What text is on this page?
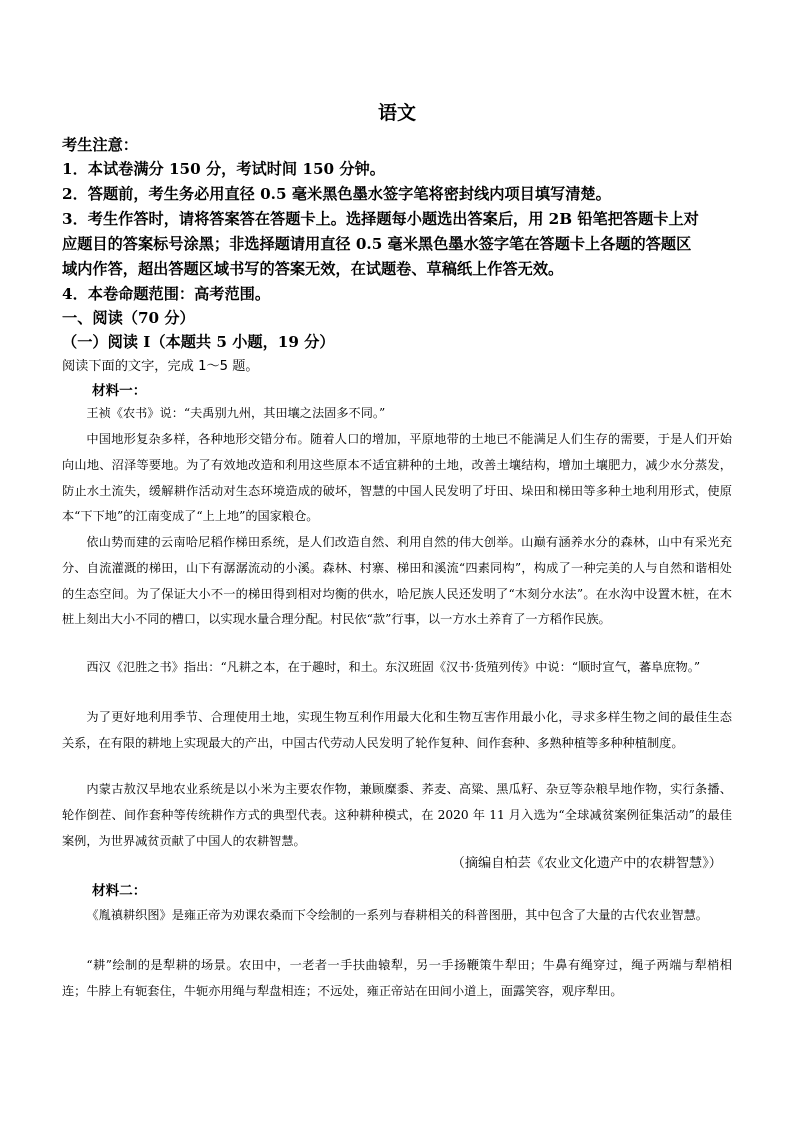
语文
考生注意：
1．本试卷满分 150 分，考试时间 150 分钟。
2．答题前，考生务必用直径 0.5 毫米黑色墨水签字笔将密封线内项目填写清楚。
3．考生作答时，请将答案答在答题卡上。选择题每小题选出答案后，用 2B 铅笔把答题卡上对
应题目的答案标号涂黑；非选择题请用直径 0.5 毫米黑色墨水签字笔在答题卡上各题的答题区
域内作答，超出答题区域书写的答案无效，在试题卷、草稿纸上作答无效。
4．本卷命题范围：高考范围。
一、阅读（70 分）
（一）阅读 I（本题共 5 小题，19 分）
阅读下面的文字，完成 1～5 题。
材料一：

王祯《农书》说：“夫禹别九州，其田壤之法固多不同。”

中国地形复杂多样，各种地形交错分布。随着人口的增加，平原地带的土地已不能满足人们生存的需要，于是人们开始向山地、沼泽等要地。为了有效地改造和利用这些原本不适宜耕种的土地，改善土壤结构，增加土壤肥力，减少水分蒸发，防止水土流失，缓解耕作活动对生态环境造成的破坏，智慧的中国人民发明了圩田、垛田和梯田等多种土地利用形式，使原本“下下地”的江南变成了“上上地”的国家粮仓。

依山势而建的云南哈尼稻作梯田系统，是人们改造自然、利用自然的伟大创举。山巅有涵养水分的森林，山中有采光充分、自流灌溉的梯田，山下有潺潺流动的小溪。森林、村寨、梯田和溪流“四素同构”，构成了一种完美的人与自然和谐相处的生态空间。为了保证大小不一的梯田得到相对均衡的供水，哈尼族人民还发明了“木刻分水法”。在水沟中设置木桩，在木桩上刻出大小不同的槽口，以实现水量合理分配。村民依“款”行事，以一方水土养育了一方稻作民族。

西汉《氾胜之书》指出：“凡耕之本，在于趣时，和土。东汉班固《汉书·货殖列传》中说：“顺时宣气，蕃阜庶物。”

为了更好地利用季节、合理使用土地，实现生物互利作用最大化和生物互害作用最小化，寻求多样生物之间的最佳生态关系，在有限的耕地上实现最大的产出，中国古代劳动人民发明了轮作复种、间作套种、多熟种植等多种种植制度。

内蒙古敖汉旱地农业系统是以小米为主要农作物，兼顾糜黍、荞麦、高粱、黑瓜籽、杂豆等杂粮旱地作物，实行条播、轮作倒茬、间作套种等传统耕作方式的典型代表。这种耕种模式，在 2020 年 11 月入选为“全球减贫案例征集活动”的最佳案例，为世界减贫贡献了中国人的农耕智慧。

（摘编自柏芸《农业文化遗产中的农耕智慧》）
材料二：

《胤禛耕织图》是雍正帝为劝课农桑而下令绘制的一系列与春耕相关的科普图册，其中包含了大量的古代农业智慧。

“耕”绘制的是犁耕的场景。农田中，一老者一手扶曲辕犁，另一手扬鞭策牛犁田；牛鼻有绳穿过，绳子两端与犁梢相连；牛脖上有轭套住，牛轭亦用绳与犁盘相连；不远处，雍正帝站在田间小道上，面露笑容，观序犁田。
